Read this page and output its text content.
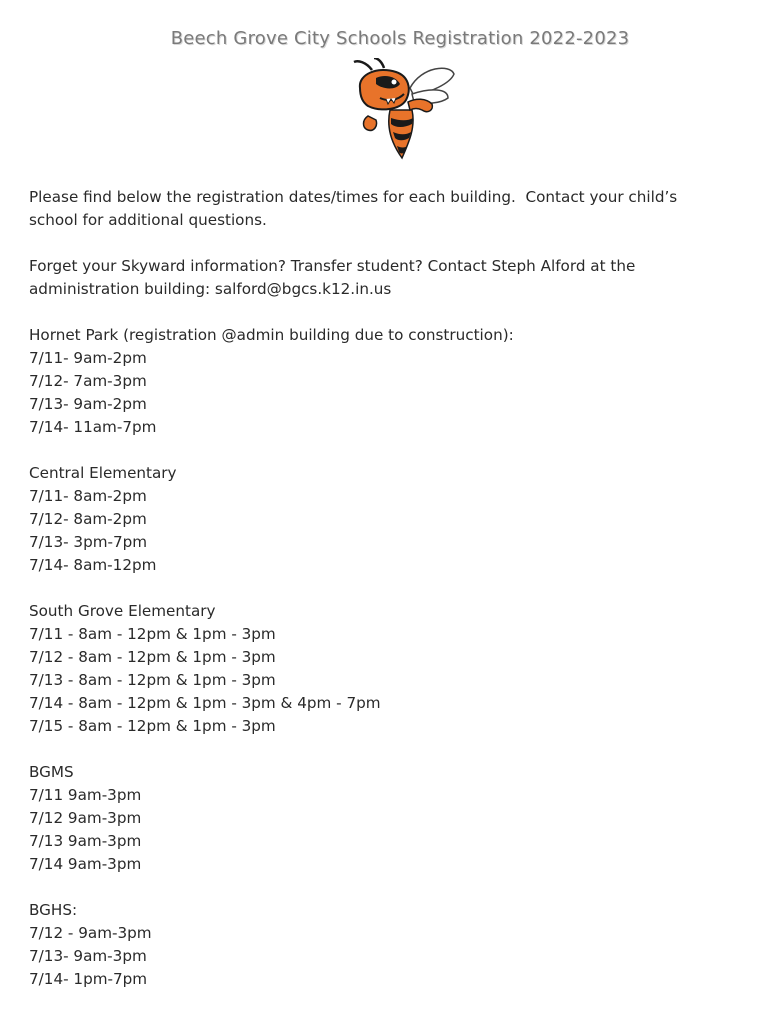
Beech Grove City Schools Registration 2022-2023

Please find below the registration dates/times for each building.  Contact your child’s
school for additional questions.

Forget your Skyward information? Transfer student? Contact Steph Alford at the
administration building: salford@bgcs.k12.in.us

Hornet Park (registration @admin building due to construction):
7/11- 9am-2pm
7/12- 7am-3pm
7/13- 9am-2pm
7/14- 11am-7pm
Central Elementary
7/11- 8am-2pm
7/12- 8am-2pm
7/13- 3pm-7pm
7/14- 8am-12pm
South Grove Elementary
7/11 - 8am - 12pm & 1pm - 3pm
7/12 - 8am - 12pm & 1pm - 3pm
7/13 - 8am - 12pm & 1pm - 3pm
7/14 - 8am - 12pm & 1pm - 3pm & 4pm - 7pm
7/15 - 8am - 12pm & 1pm - 3pm
BGMS
7/11 9am-3pm
7/12 9am-3pm
7/13 9am-3pm
7/14 9am-3pm
BGHS:
7/12 - 9am-3pm
7/13- 9am-3pm
7/14- 1pm-7pm
